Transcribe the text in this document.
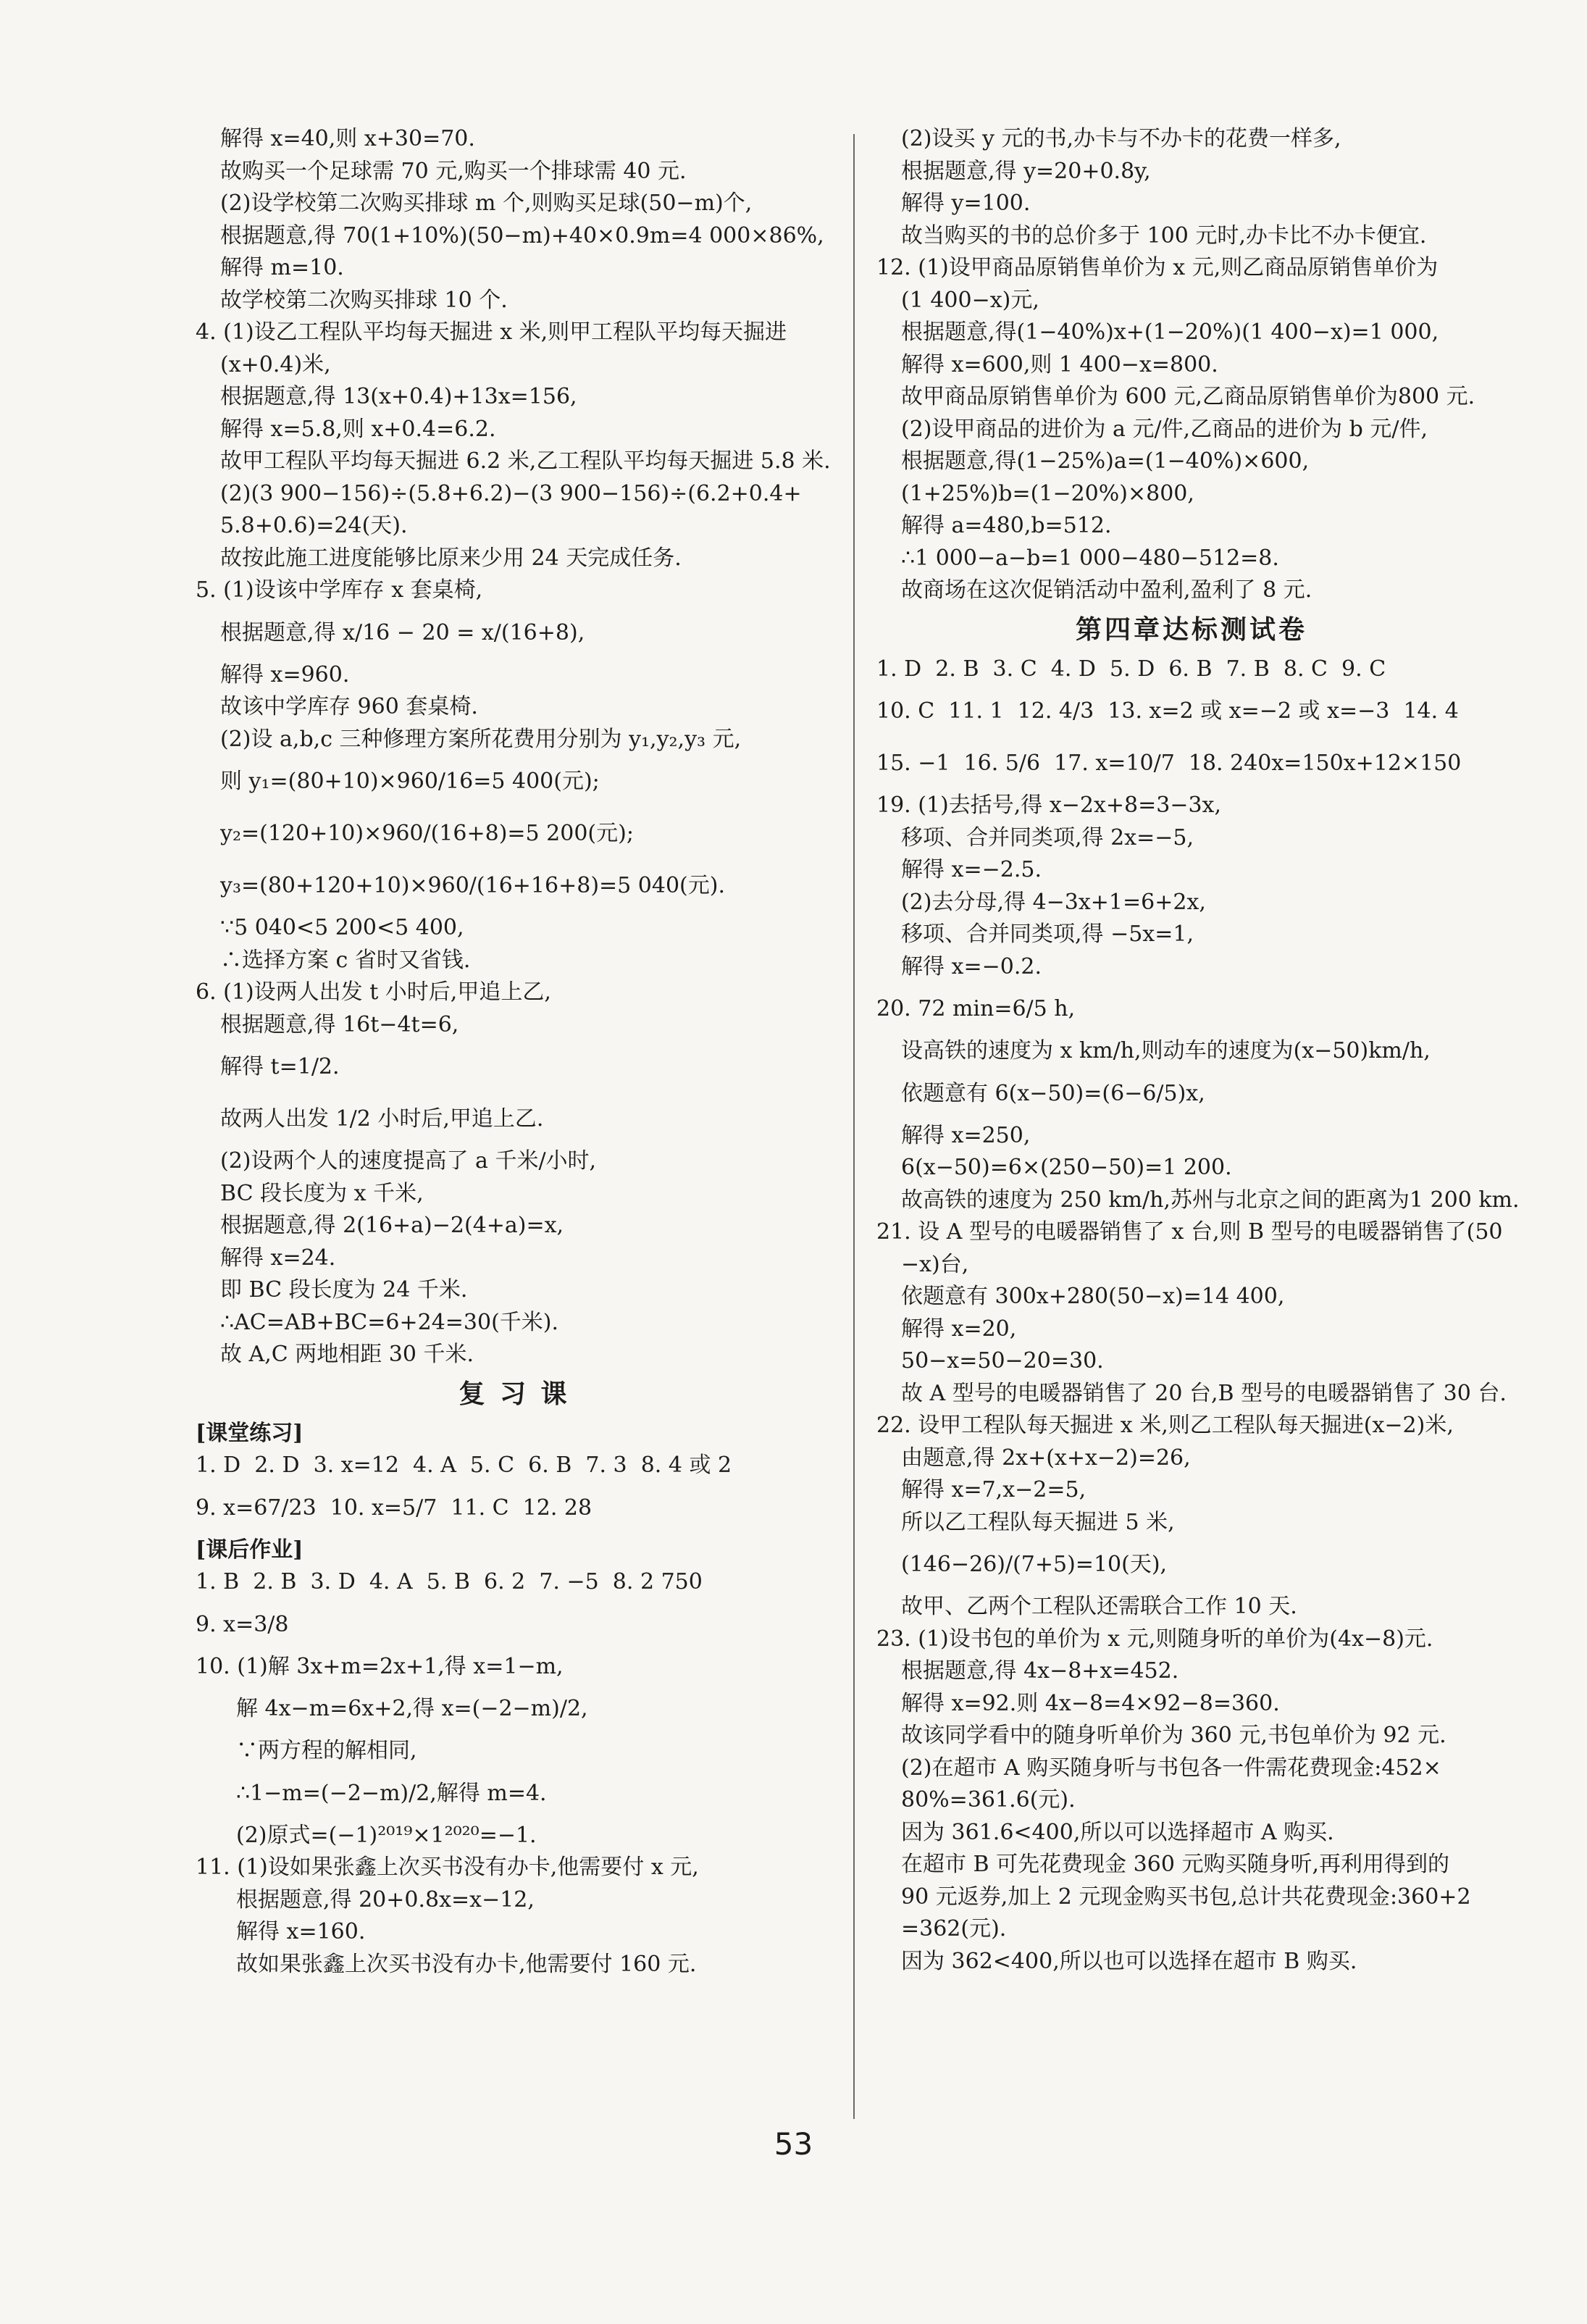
解得 x=40,则 x+30=70.
故购买一个足球需 70 元,购买一个排球需 40 元.
(2)设学校第二次购买排球 m 个,则购买足球(50−m)个,
根据题意,得 70(1+10%)(50−m)+40×0.9m=4 000×86%,
解得 m=10.
故学校第二次购买排球 10 个.
4. (1)设乙工程队平均每天掘进 x 米,则甲工程队平均每天掘进
(x+0.4)米,
根据题意,得 13(x+0.4)+13x=156,
解得 x=5.8,则 x+0.4=6.2.
故甲工程队平均每天掘进 6.2 米,乙工程队平均每天掘进 5.8 米.
(2)(3 900−156)÷(5.8+6.2)−(3 900−156)÷(6.2+0.4+
5.8+0.6)=24(天).
故按此施工进度能够比原来少用 24 天完成任务.
5. (1)设该中学库存 x 套桌椅,
根据题意,得 x/16 − 20 = x/(16+8),
解得 x=960.
故该中学库存 960 套桌椅.
(2)设 a,b,c 三种修理方案所花费用分别为 y₁,y₂,y₃ 元,
则 y₁=(80+10)×960/16=5 400(元);
y₂=(120+10)×960/(16+8)=5 200(元);
y₃=(80+120+10)×960/(16+16+8)=5 040(元).
∵5 040<5 200<5 400,
∴选择方案 c 省时又省钱.
6. (1)设两人出发 t 小时后,甲追上乙,
根据题意,得 16t−4t=6,
解得 t=1/2.
故两人出发 1/2 小时后,甲追上乙.
(2)设两个人的速度提高了 a 千米/小时,
BC 段长度为 x 千米,
根据题意,得 2(16+a)−2(4+a)=x,
解得 x=24.
即 BC 段长度为 24 千米.
∴AC=AB+BC=6+24=30(千米).
故 A,C 两地相距 30 千米.
复 习 课
[课堂练习]
1. D  2. D  3. x=12  4. A  5. C  6. B  7. 3  8. 4 或 2
9. x=67/23  10. x=5/7  11. C  12. 28
[课后作业]
1. B  2. B  3. D  4. A  5. B  6. 2  7. −5  8. 2 750
9. x=3/8
10. (1)解 3x+m=2x+1,得 x=1−m,
解 4x−m=6x+2,得 x=(−2−m)/2,
∵两方程的解相同,
∴1−m=(−2−m)/2,解得 m=4.
(2)原式=(−1)²⁰¹⁹×1²⁰²⁰=−1.
11. (1)设如果张鑫上次买书没有办卡,他需要付 x 元,
根据题意,得 20+0.8x=x−12,
解得 x=160.
故如果张鑫上次买书没有办卡,他需要付 160 元.
(2)设买 y 元的书,办卡与不办卡的花费一样多,
根据题意,得 y=20+0.8y,
解得 y=100.
故当购买的书的总价多于 100 元时,办卡比不办卡便宜.
12. (1)设甲商品原销售单价为 x 元,则乙商品原销售单价为
(1 400−x)元,
根据题意,得(1−40%)x+(1−20%)(1 400−x)=1 000,
解得 x=600,则 1 400−x=800.
故甲商品原销售单价为 600 元,乙商品原销售单价为800 元.
(2)设甲商品的进价为 a 元/件,乙商品的进价为 b 元/件,
根据题意,得(1−25%)a=(1−40%)×600,
(1+25%)b=(1−20%)×800,
解得 a=480,b=512.
∴1 000−a−b=1 000−480−512=8.
故商场在这次促销活动中盈利,盈利了 8 元.
第四章达标测试卷
1. D  2. B  3. C  4. D  5. D  6. B  7. B  8. C  9. C
10. C  11. 1  12. 4/3  13. x=2 或 x=−2 或 x=−3  14. 4
15. −1  16. 5/6  17. x=10/7  18. 240x=150x+12×150
19. (1)去括号,得 x−2x+8=3−3x,
移项、合并同类项,得 2x=−5,
解得 x=−2.5.
(2)去分母,得 4−3x+1=6+2x,
移项、合并同类项,得 −5x=1,
解得 x=−0.2.
20. 72 min=6/5 h,
设高铁的速度为 x km/h,则动车的速度为(x−50)km/h,
依题意有 6(x−50)=(6−6/5)x,
解得 x=250,
6(x−50)=6×(250−50)=1 200.
故高铁的速度为 250 km/h,苏州与北京之间的距离为1 200 km.
21. 设 A 型号的电暖器销售了 x 台,则 B 型号的电暖器销售了(50
−x)台,
依题意有 300x+280(50−x)=14 400,
解得 x=20,
50−x=50−20=30.
故 A 型号的电暖器销售了 20 台,B 型号的电暖器销售了 30 台.
22. 设甲工程队每天掘进 x 米,则乙工程队每天掘进(x−2)米,
由题意,得 2x+(x+x−2)=26,
解得 x=7,x−2=5,
所以乙工程队每天掘进 5 米,
(146−26)/(7+5)=10(天),
故甲、乙两个工程队还需联合工作 10 天.
23. (1)设书包的单价为 x 元,则随身听的单价为(4x−8)元.
根据题意,得 4x−8+x=452.
解得 x=92.则 4x−8=4×92−8=360.
故该同学看中的随身听单价为 360 元,书包单价为 92 元.
(2)在超市 A 购买随身听与书包各一件需花费现金:452×
80%=361.6(元).
因为 361.6<400,所以可以选择超市 A 购买.
在超市 B 可先花费现金 360 元购买随身听,再利用得到的
90 元返券,加上 2 元现金购买书包,总计共花费现金:360+2
=362(元).
因为 362<400,所以也可以选择在超市 B 购买.
53
